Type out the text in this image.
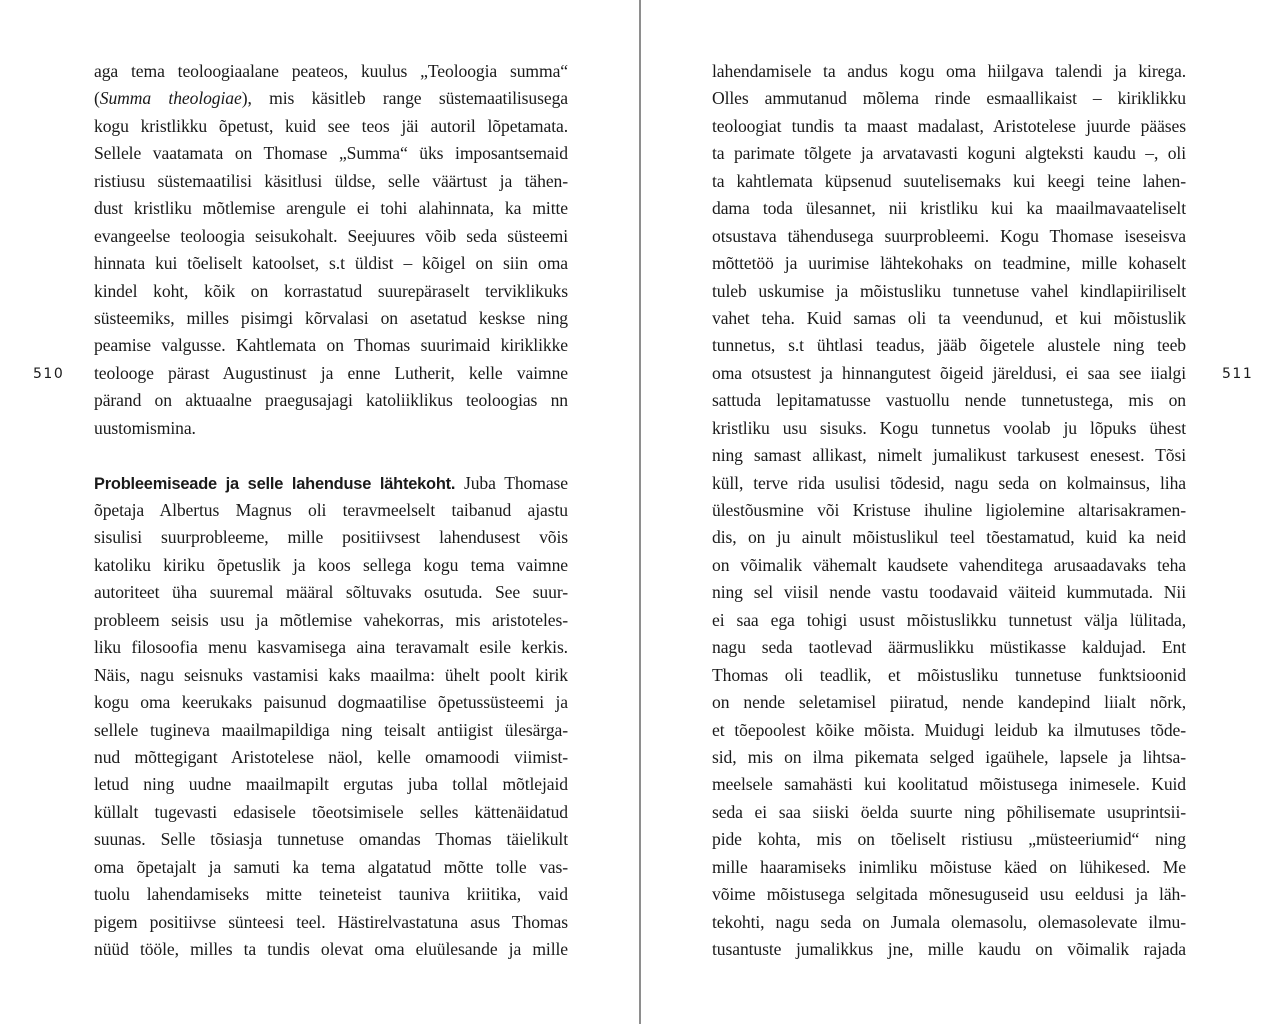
510
aga tema teoloogiaalane peateos, kuulus „Teoloogia summa“
(Summa theologiae), mis käsitleb range süstemaatilisusega
kogu kristlikku õpetust, kuid see teos jäi autoril lõpetamata.
Sellele vaatamata on Thomase „Summa“ üks imposantsemaid
ristiusu süstemaatilisi käsitlusi üldse, selle väärtust ja tähen-
dust kristliku mõtlemise arengule ei tohi alahinnata, ka mitte
evangeelse teoloogia seisukohalt. Seejuures võib seda süsteemi
hinnata kui tõeliselt katoolset, s.t üldist – kõigel on siin oma
kindel koht, kõik on korrastatud suurepäraselt terviklikuks
süsteemiks, milles pisimgi kõrvalasi on asetatud keskse ning
peamise valgusse. Kahtlemata on Thomas suurimaid kiriklikke
teolooge pärast Augustinust ja enne Lutherit, kelle vaimne
pärand on aktuaalne praegusajagi katoliiklikus teoloogias nn
uustomismina.
Probleemiseade ja selle lahenduse lähtekoht. Juba Thomase
õpetaja Albertus Magnus oli teravmeelselt taibanud ajastu
sisulisi suurprobleeme, mille positiivsest lahendusest võis
katoliku kiriku õpetuslik ja koos sellega kogu tema vaimne
autoriteet üha suuremal määral sõltuvaks osutuda. See suur-
probleem seisis usu ja mõtlemise vahekorras, mis aristoteles-
liku filosoofia menu kasvamisega aina teravamalt esile kerkis.
Näis, nagu seisnuks vastamisi kaks maailma: ühelt poolt kirik
kogu oma keerukaks paisunud dogmaatilise õpetussüsteemi ja
sellele tugineva maailmapildiga ning teisalt antiigist ülesärga-
nud mõttegigant Aristotelese näol, kelle omamoodi viimist-
letud ning uudne maailmapilt ergutas juba tollal mõtlejaid
küllalt tugevasti edasisele tõeotsimisele selles kättenäidatud
suunas. Selle tõsiasja tunnetuse omandas Thomas täielikult
oma õpetajalt ja samuti ka tema algatatud mõtte tolle vas-
tuolu lahendamiseks mitte teineteist tauniva kriitika, vaid
pigem positiivse sünteesi teel. Hästirelvastatuna asus Thomas
nüüd tööle, milles ta tundis olevat oma eluülesande ja mille
511
lahendamisele ta andus kogu oma hiilgava talendi ja kirega.
Olles ammutanud mõlema rinde esmaallikaist – kiriklikku
teoloogiat tundis ta maast madalast, Aristotelese juurde pääses
ta parimate tõlgete ja arvatavasti koguni algteksti kaudu –, oli
ta kahtlemata küpsenud suutelisemaks kui keegi teine lahen-
dama toda ülesannet, nii kristliku kui ka maailmavaateliselt
otsustava tähendusega suurprobleemi. Kogu Thomase iseseisva
mõttetöö ja uurimise lähtekohaks on teadmine, mille kohaselt
tuleb uskumise ja mõistusliku tunnetuse vahel kindlapiiriliselt
vahet teha. Kuid samas oli ta veendunud, et kui mõistuslik
tunnetus, s.t ühtlasi teadus, jääb õigetele alustele ning teeb
oma otsustest ja hinnangutest õigeid järeldusi, ei saa see iialgi
sattuda lepitamatusse vastuollu nende tunnetustega, mis on
kristliku usu sisuks. Kogu tunnetus voolab ju lõpuks ühest
ning samast allikast, nimelt jumalikust tarkusest enesest. Tõsi
küll, terve rida usulisi tõdesid, nagu seda on kolmainsus, liha
ülestõusmine või Kristuse ihuline ligiolemine altarisakramen-
dis, on ju ainult mõistuslikul teel tõestamatud, kuid ka neid
on võimalik vähemalt kaudsete vahenditega arusaadavaks teha
ning sel viisil nende vastu toodavaid väiteid kummutada. Nii
ei saa ega tohigi usust mõistuslikku tunnetust välja lülitada,
nagu seda taotlevad äärmuslikku müstikasse kaldujad. Ent
Thomas oli teadlik, et mõistusliku tunnetuse funktsioonid
on nende seletamisel piiratud, nende kandepind liialt nõrk,
et tõepoolest kõike mõista. Muidugi leidub ka ilmutuses tõde-
sid, mis on ilma pikemata selged igaühele, lapsele ja lihtsa-
meelsele samahästi kui koolitatud mõistusega inimesele. Kuid
seda ei saa siiski öelda suurte ning põhilisemate usuprintsii-
pide kohta, mis on tõeliselt ristiusu „müsteeriumid“ ning
mille haaramiseks inimliku mõistuse käed on lühikesed. Me
võime mõistusega selgitada mõnesuguseid usu eeldusi ja läh-
tekohti, nagu seda on Jumala olemasolu, olemasolevate ilmu-
tusantuste jumalikkus jne, mille kaudu on võimalik rajada
